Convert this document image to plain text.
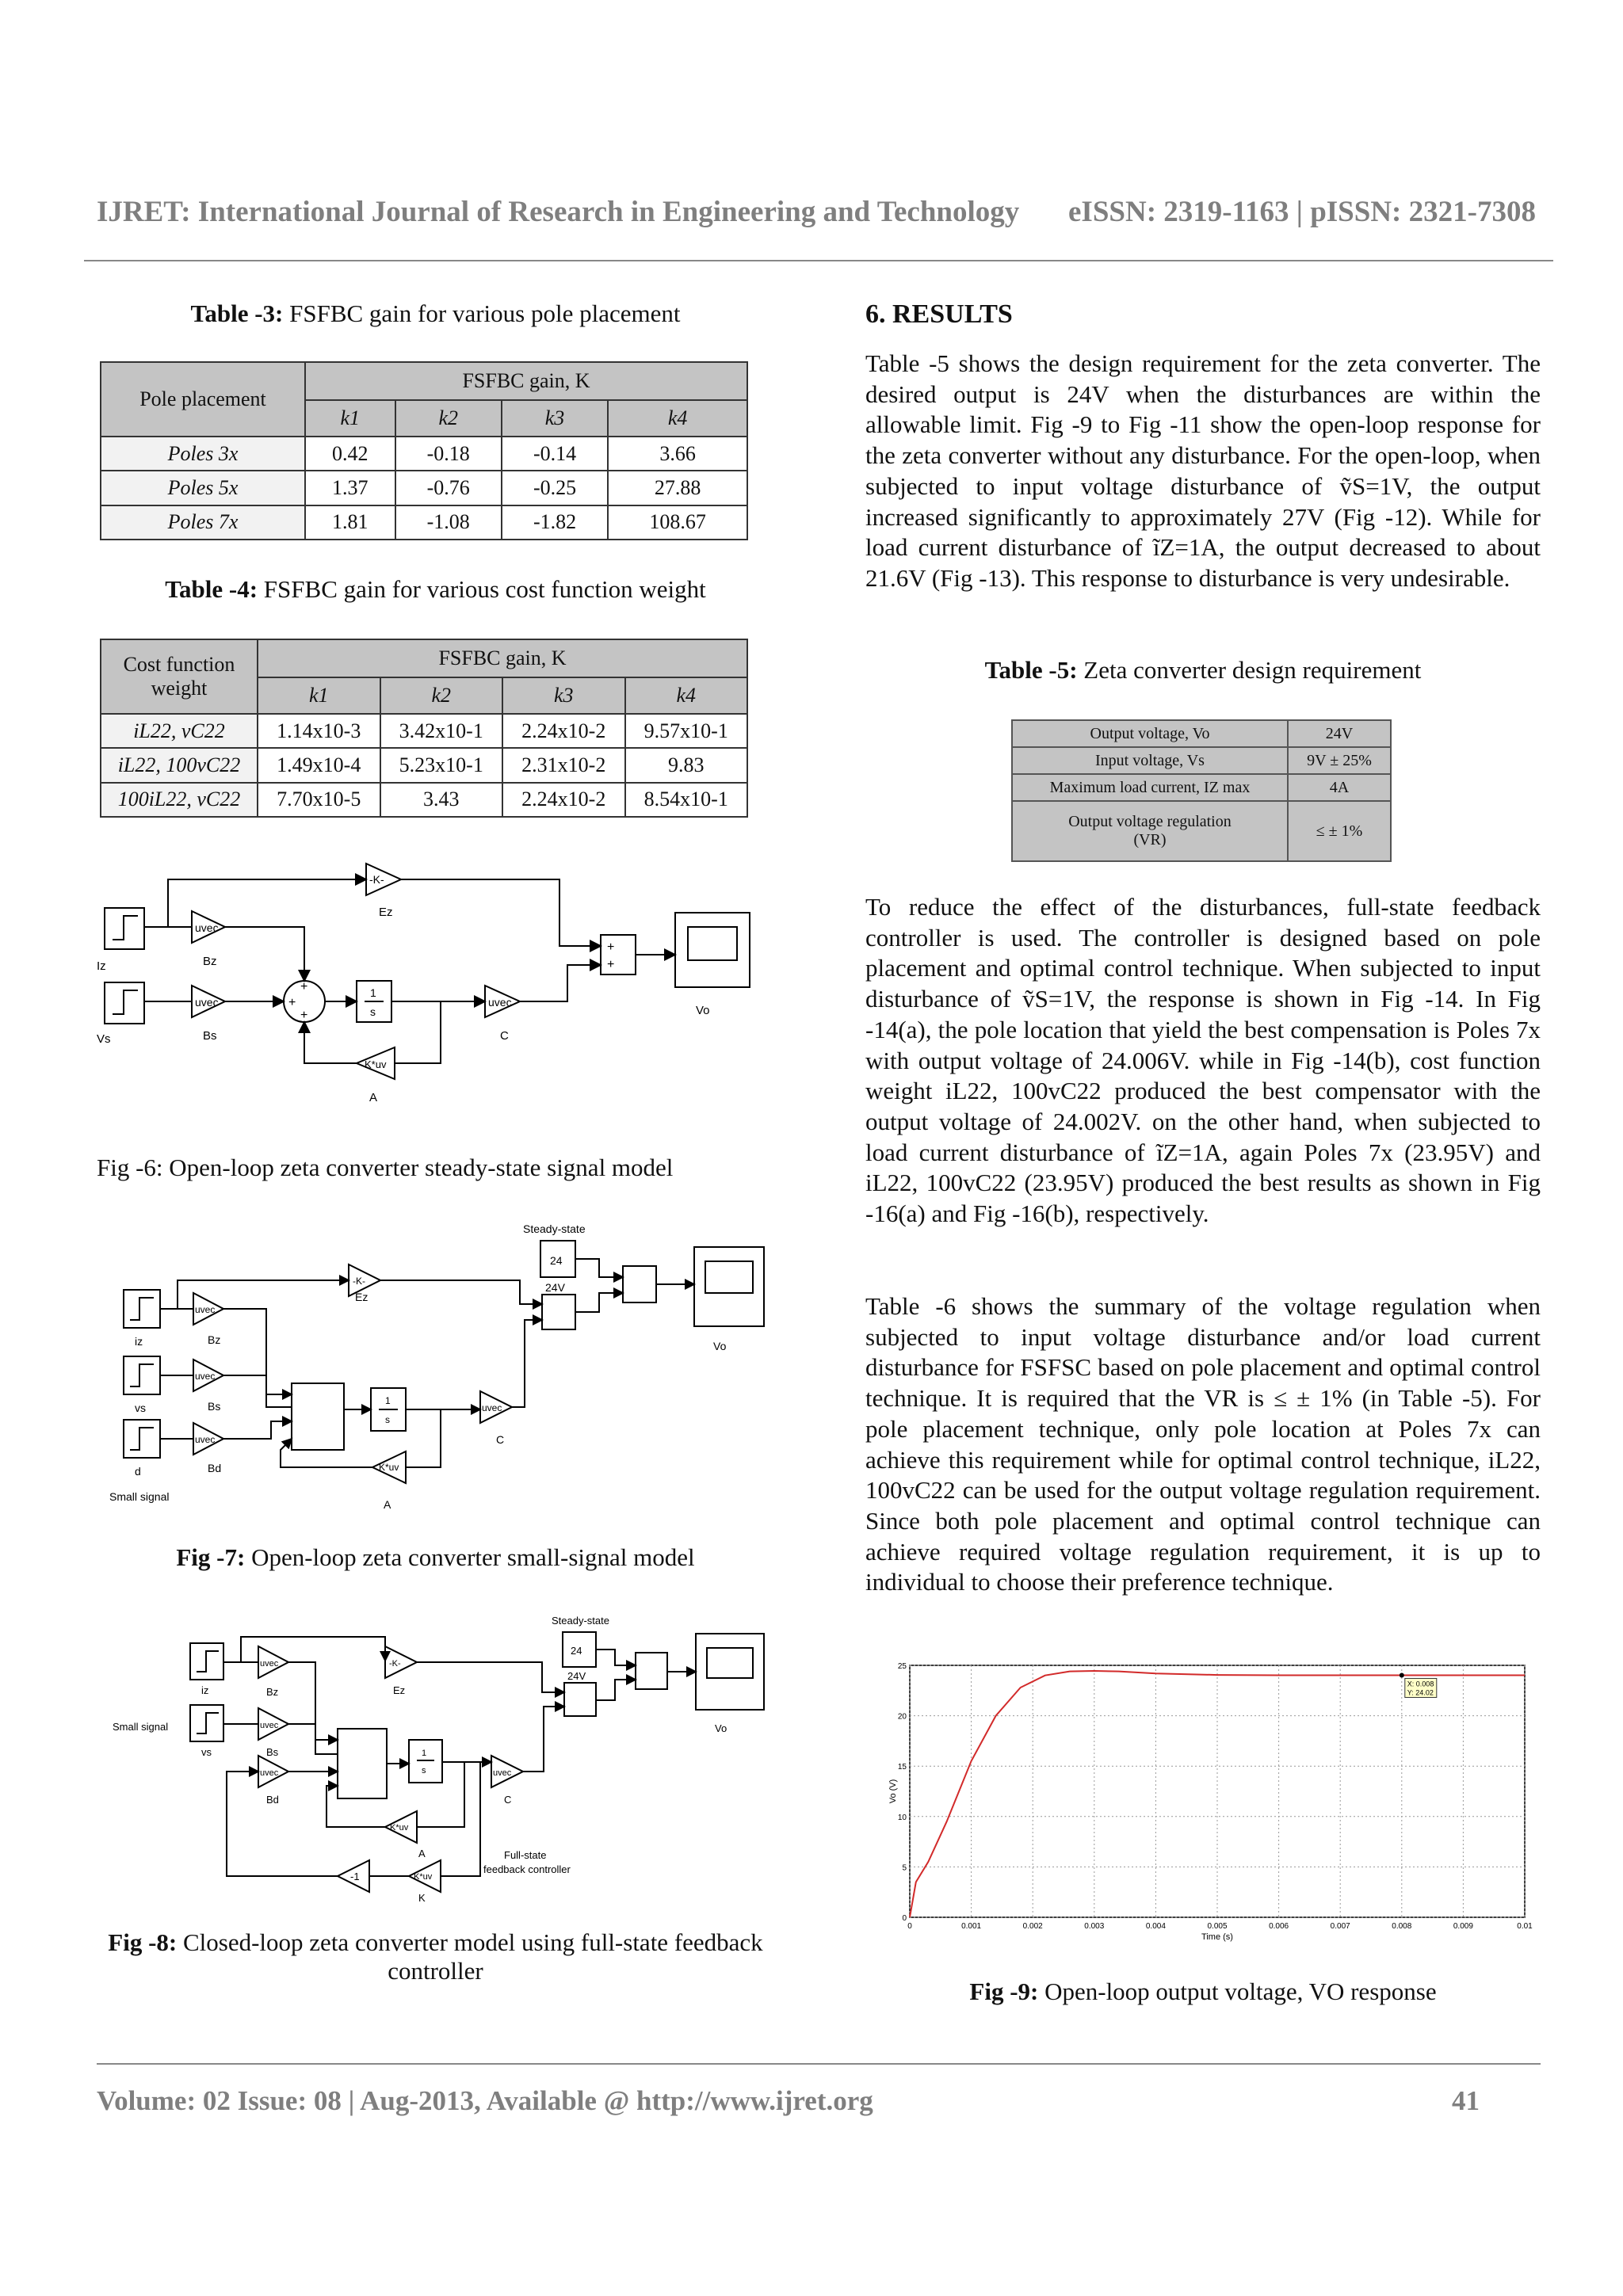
IJRET: International Journal of Research in Engineering and Technology eISSN: 2319-1163 | pISSN: 2321-7308
Table -3: FSFBC gain for various pole placement
Pole placement	FSFBC gain, K			
	k1	k2	k3	k4
Poles 3x	0.42	-0.18	-0.14	3.66
Poles 5x	1.37	-0.76	-0.25	27.88
Poles 7x	1.81	-1.08	-1.82	108.67
Table -4: FSFBC gain for various cost function weight
Cost function weight	FSFBC gain, K			
	k1	k2	k3	k4
iL22, vC22	1.14x10-3	3.42x10-1	2.24x10-2	9.57x10-1
iL22, 100vC22	1.49x10-4	5.23x10-1	2.31x10-2	9.83
100iL22, vC22	7.70x10-5	3.43	2.24x10-2	8.54x10-1
Iz
Vs
uvec
uvec	uvec
Bz
Bs
-K-
Ez
C
K*uv
A
Vo
1
s
+
+
+
+
+
Fig -6: Open-loop zeta converter steady-state signal model
Steady-state
24
24V
iz
vs
d
Bz
Bs
Bd
Ez
C
A
Vo
Small signal
uvec
uvec
uvec
uvec
-K-
K*uv
1
s
Fig -7: Open-loop zeta converter small-signal model
Steady-state
24
24V
iz
vs
Bz
Bs
Bd
Ez
C
A
K
Vo
Small signal
-1
Full-state
feedback controller
uvec
uvec
uvec	uvec
-K-
K*uv
K*uv
1
s
Fig -8: Closed-loop zeta converter model using full-state feedback controller
6. RESULTS

Table -5 shows the design requirement for the zeta converter. The desired output is 24V when the disturbances are within the allowable limit. Fig -9 to Fig -11 show the open-loop response for the zeta converter without any disturbance. For the open-loop, when subjected to input voltage disturbance of ṽS=1V, the output increased significantly to approximately 27V (Fig -12). While for load current disturbance of ĩZ=1A, the output decreased to about 21.6V (Fig -13). This response to disturbance is very undesirable.

Table -5: Zeta converter design requirement
Output voltage, Vo	24V
Input voltage, Vs	9V ± 25%
Maximum load current, IZ max	4A
Output voltage regulation (VR)	≤ ± 1%

To reduce the effect of the disturbances, full-state feedback controller is used. The controller is designed based on pole placement and optimal control technique. When subjected to input disturbance of ṽS=1V, the response is shown in Fig -14. In Fig -14(a), the pole location that yield the best compensation is Poles 7x with output voltage of 24.006V. while in Fig -14(b), cost function weight iL22, 100vC22 produced the best compensator with the output voltage of 24.002V. on the other hand, when subjected to load current disturbance of ĩZ=1A, again Poles 7x (23.95V) and iL22, 100vC22 (23.95V) produced the best results as shown in Fig -16(a) and Fig -16(b), respectively.

Table -6 shows the summary of the voltage regulation when subjected to input voltage disturbance and/or load current disturbance for FSFSC based on pole placement and optimal control technique. It is required that the VR is ≤ ± 1% (in Table -5). For pole placement technique, only pole location at Poles 7x can achieve this requirement while for optimal control technique, iL22, 100vC22 can be used for the output voltage regulation requirement. Since both pole placement and optimal control technique can achieve required voltage regulation requirement, it is up to individual to choose their preference technique.

0	0.001	0.002	0.003	0.004	0.005	0.006	0.007	0.008	0.009	0.01
0
5
10
15
20
25
X: 0.008
Y: 24.02
Time (s)
Vo (V)
Fig -9: Open-loop output voltage, VO response
Volume: 02 Issue: 08 | Aug-2013, Available @ http://www.ijret.org	41
